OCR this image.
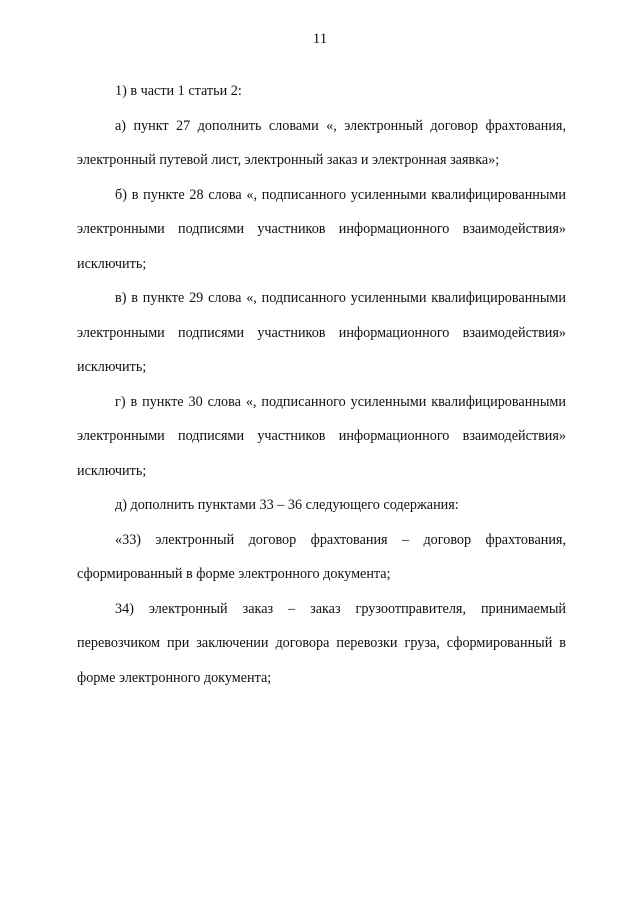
11

1) в части 1 статьи 2:

а) пункт 27 дополнить словами «, электронный договор фрахтования, электронный путевой лист, электронный заказ и электронная заявка»;

б) в пункте 28 слова «, подписанного усиленными квалифицированными электронными подписями участников информационного взаимодействия» исключить;

в) в пункте 29 слова «, подписанного усиленными квалифицированными электронными подписями участников информационного взаимодействия» исключить;

г) в пункте 30 слова «, подписанного усиленными квалифицированными электронными подписями участников информационного взаимодействия» исключить;

д) дополнить пунктами 33 – 36 следующего содержания:

«33) электронный договор фрахтования – договор фрахтования, сформированный в форме электронного документа;

34) электронный заказ – заказ грузоотправителя, принимаемый перевозчиком при заключении договора перевозки груза, сформированный в форме электронного документа;
